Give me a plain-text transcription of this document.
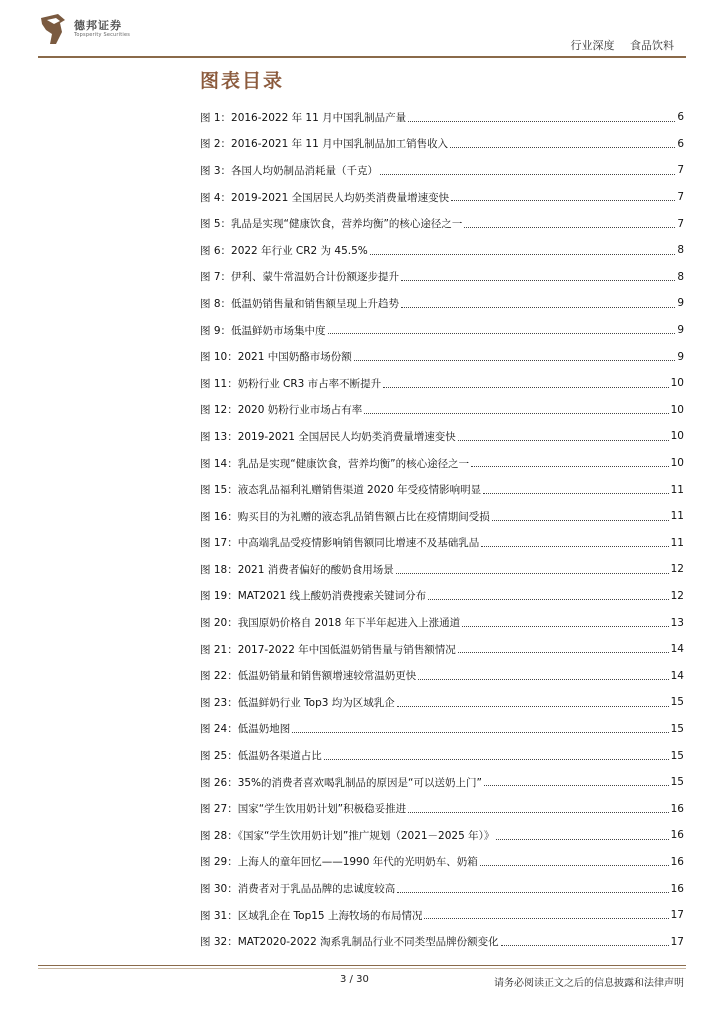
德邦证券
Topsperity Securities
行业深度 食品饮料
图表目录
图 1：2016-2022 年 11 月中国乳制品产量	6
图 2：2016-2021 年 11 月中国乳制品加工销售收入	6
图 3：各国人均奶制品消耗量（千克）	7
图 4：2019-2021 全国居民人均奶类消费量增速变快	7
图 5：乳品是实现“健康饮食，营养均衡”的核心途径之一	7
图 6：2022 年行业 CR2 为 45.5%	8
图 7：伊利、蒙牛常温奶合计份额逐步提升	8
图 8：低温奶销售量和销售额呈现上升趋势	9
图 9：低温鲜奶市场集中度	9
图 10：2021 中国奶酪市场份额	9
图 11：奶粉行业 CR3 市占率不断提升	10
图 12：2020 奶粉行业市场占有率	10
图 13：2019-2021 全国居民人均奶类消费量增速变快	10
图 14：乳品是实现“健康饮食，营养均衡”的核心途径之一	10
图 15：液态乳品福利礼赠销售渠道 2020 年受疫情影响明显	11
图 16：购买目的为礼赠的液态乳品销售额占比在疫情期间受损	11
图 17：中高端乳品受疫情影响销售额同比增速不及基础乳品	11
图 18：2021 消费者偏好的酸奶食用场景	12
图 19：MAT2021 线上酸奶消费搜索关键词分布	12
图 20：我国原奶价格自 2018 年下半年起进入上涨通道	13
图 21：2017-2022 年中国低温奶销售量与销售额情况	14
图 22：低温奶销量和销售额增速较常温奶更快	14
图 23：低温鲜奶行业 Top3 均为区域乳企	15
图 24：低温奶地图	15
图 25：低温奶各渠道占比	15
图 26：35%的消费者喜欢喝乳制品的原因是“可以送奶上门”	15
图 27：国家“学生饮用奶计划”积极稳妥推进	16
图 28：《国家“学生饮用奶计划”推广规划（2021－2025 年）》	16
图 29：上海人的童年回忆——1990 年代的光明奶车、奶箱	16
图 30：消费者对于乳品品牌的忠诚度较高	16
图 31：区域乳企在 Top15 上海牧场的布局情况	17
图 32：MAT2020-2022 淘系乳制品行业不同类型品牌份额变化	17
3 / 30	请务必阅读正文之后的信息披露和法律声明
